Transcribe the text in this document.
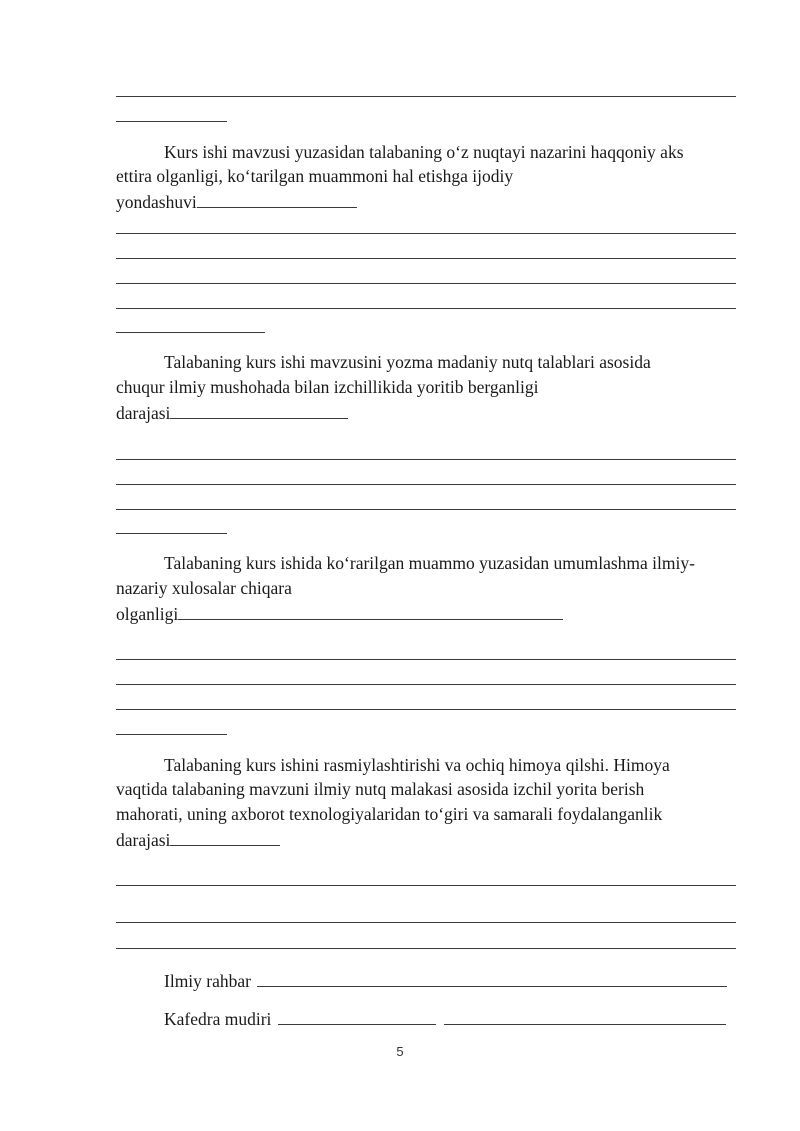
Kurs ishi mavzusi yuzasidan talabaning o‘z nuqtayi nazarini haqqoniy aks
ettira olganligi, ko‘tarilgan muammoni hal etishga ijodiy
yondashuvi
Talabaning kurs ishi mavzusini yozma madaniy nutq talablari asosida
chuqur ilmiy mushohada bilan izchillikida yoritib berganligi
darajasi
Talabaning kurs ishida ko‘rarilgan muammo yuzasidan umumlashma ilmiy-
nazariy xulosalar chiqara
olganligi
Talabaning kurs ishini rasmiylashtirishi va ochiq himoya qilshi. Himoya
vaqtida talabaning mavzuni ilmiy nutq malakasi asosida izchil yorita berish
mahorati, uning axborot texnologiyalaridan to‘giri va samarali foydalanganlik
darajasi
Ilmiy rahbar
Kafedra mudiri
5
